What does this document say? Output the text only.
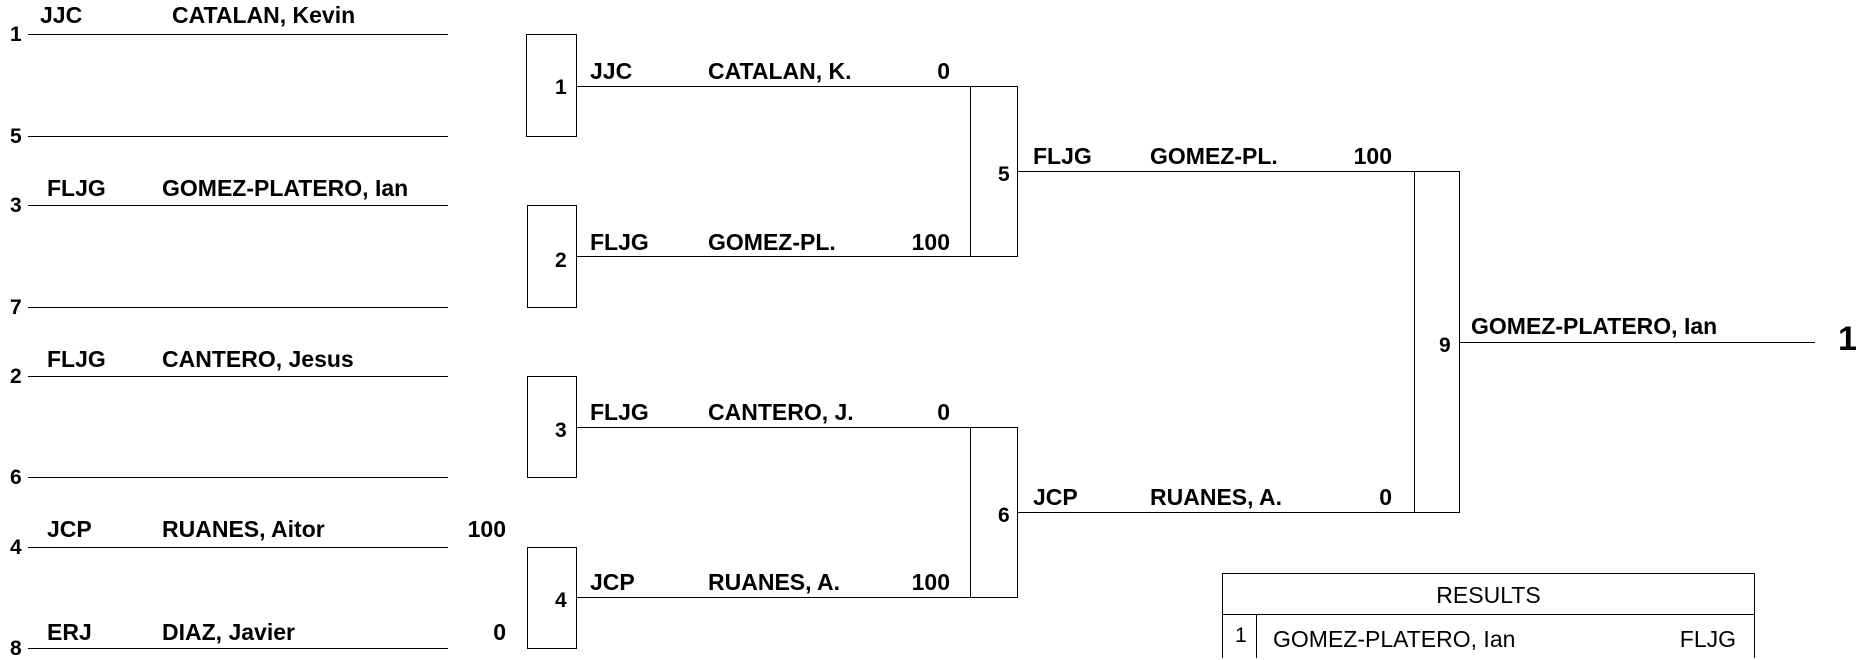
1
JJC	CATALAN, Kevin
5
3
FLJG GOMEZ-PLATERO, Ian
7
2
FLJG CANTERO, Jesus
6
4
JCP	RUANES, Aitor	100
8
ERJ	DIAZ, Javier	0
1
2
3
4
JJC	CATALAN, K.	0
FLJG	GOMEZ-PL.	100
FLJG	CANTERO, J.	0
JCP	RUANES, A.	100
5
6
FLJG	GOMEZ-PL.	100
JCP	RUANES, A.	0
9
GOMEZ-PLATERO, Ian	1
RESULTS
1 GOMEZ-PLATERO, Ian	FLJG
